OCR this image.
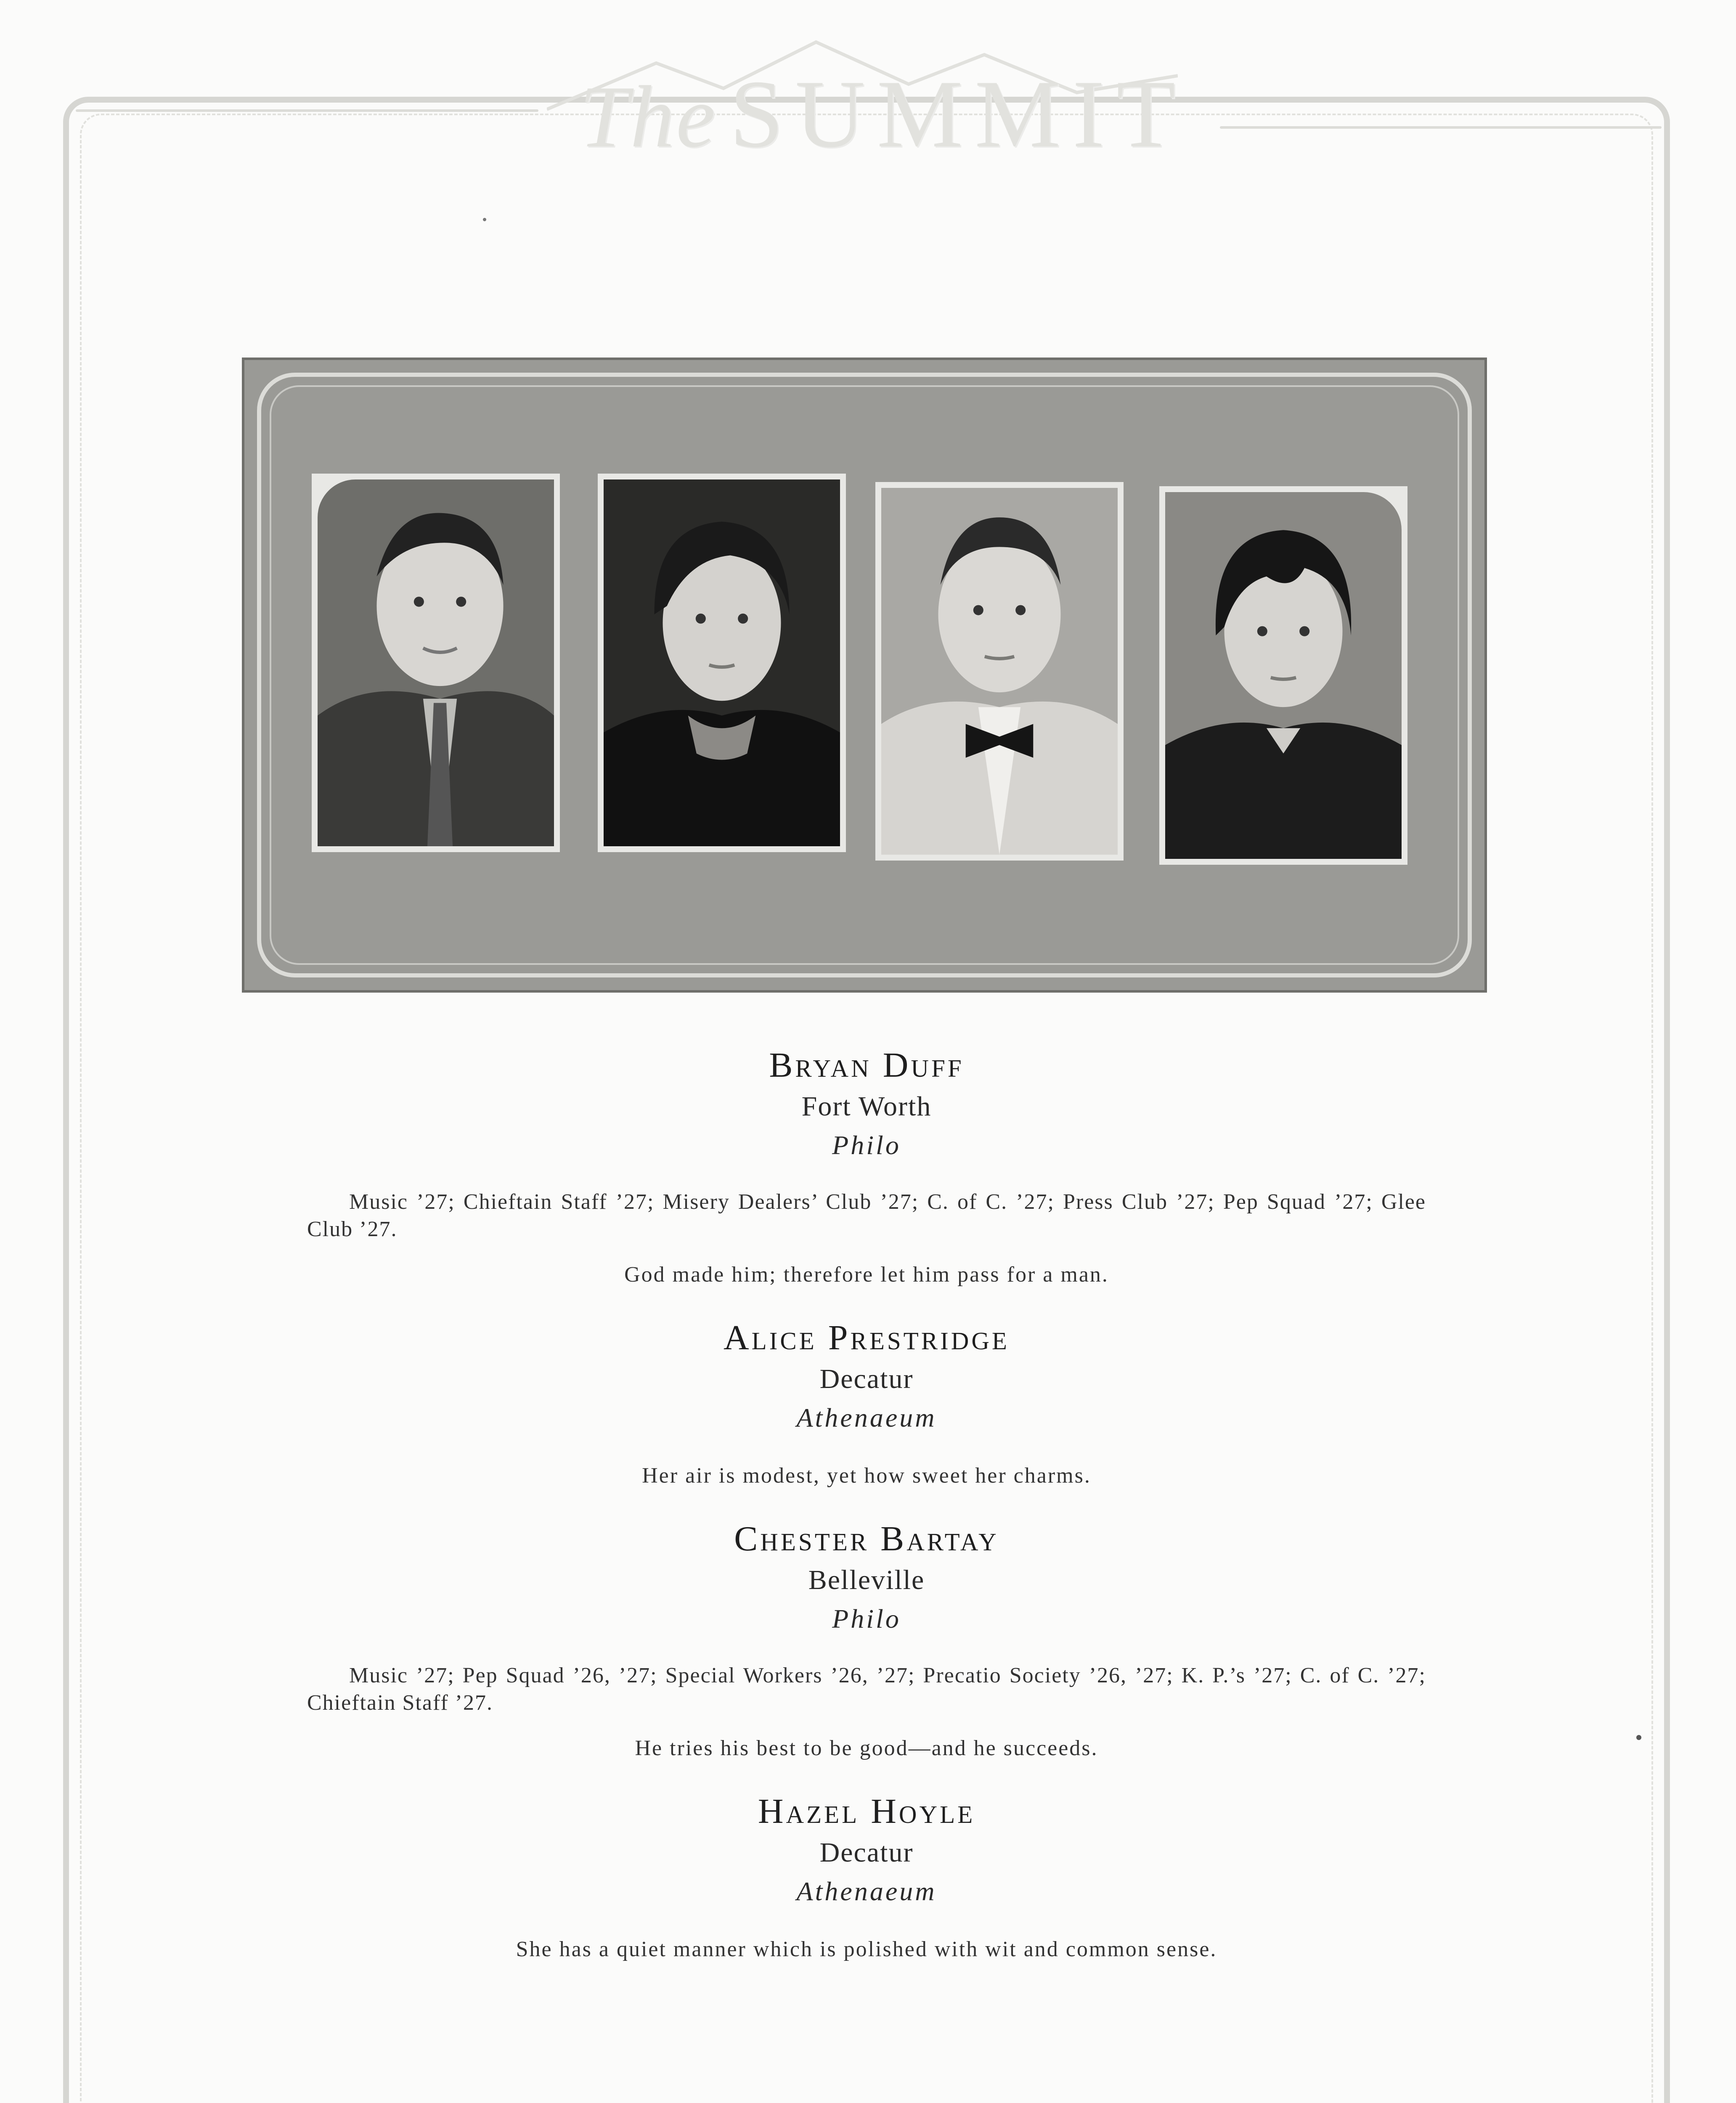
The SUMMIT
Bryan Duff
Fort Worth
Philo
Music ’27; Chieftain Staff ’27; Misery Dealers’ Club ’27; C. of C. ’27; Press Club ’27; Pep Squad ’27; Glee Club ’27.
God made him; therefore let him pass for a man.
Alice Prestridge
Decatur
Athenaeum
Her air is modest, yet how sweet her charms.
Chester Bartay
Belleville
Philo
Music ’27; Pep Squad ’26, ’27; Special Workers ’26, ’27; Precatio Society ’26, ’27; K. P.’s ’27; C. of C. ’27; Chieftain Staff ’27.
He tries his best to be good—and he succeeds.
Hazel Hoyle
Decatur
Athenaeum
She has a quiet manner which is polished with wit and common sense.
